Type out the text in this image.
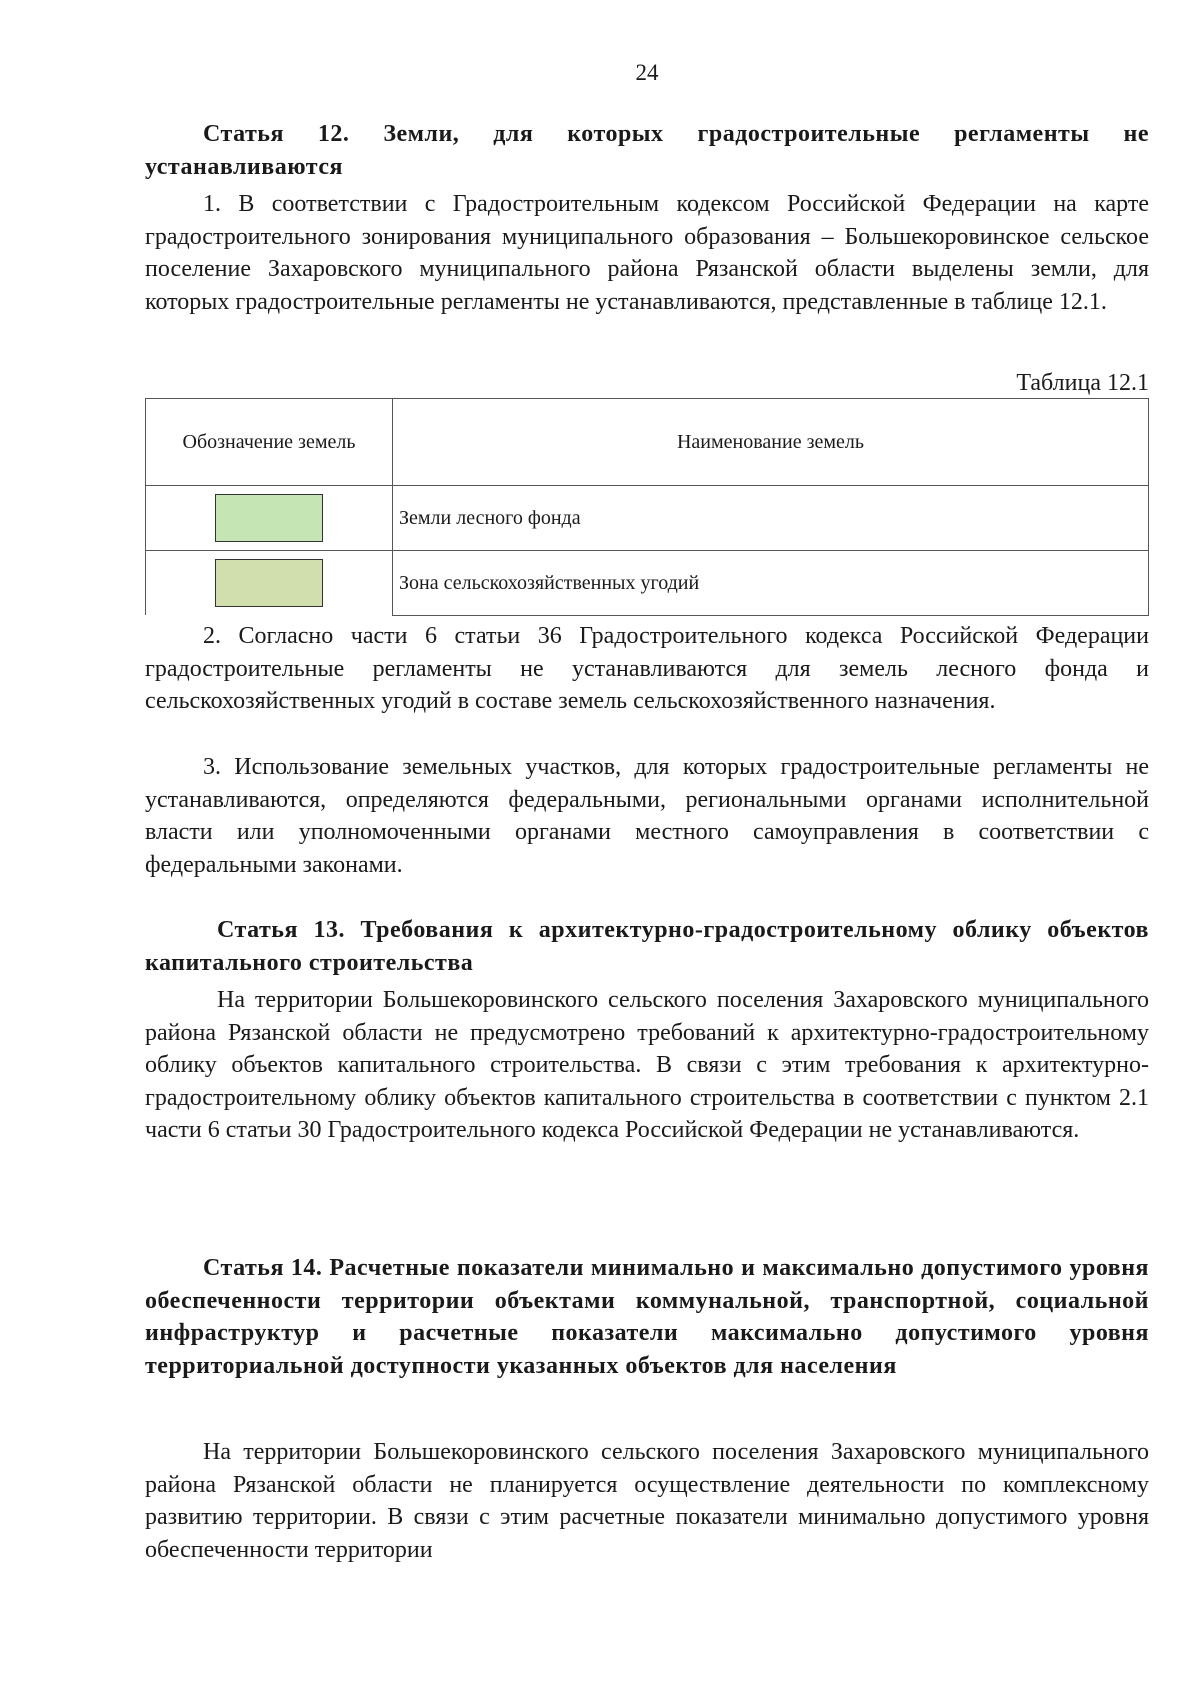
24
Статья 12. Земли, для которых градостроительные регламенты не устанавливаются
1. В соответствии с Градостроительным кодексом Российской Федерации на карте градостроительного зонирования муниципального образования – Большекоровинское сельское поселение Захаровского муниципального района Рязанской области выделены земли, для которых градостроительные регламенты не устанавливаются, представленные в таблице 12.1.
Таблица 12.1
Обозначение земель	Наименование земель
	Земли лесного фонда
	Зона сельскохозяйственных угодий
2. Согласно части 6 статьи 36 Градостроительного кодекса Российской Федерации градостроительные регламенты не устанавливаются для земель лесного фонда и сельскохозяйственных угодий в составе земель сельскохозяйственного назначения.
3. Использование земельных участков, для которых градостроительные регламенты не устанавливаются, определяются федеральными, региональными органами исполнительной власти или уполномоченными органами местного самоуправления в соответствии с федеральными законами.
Статья 13. Требования к архитектурно-градостроительному облику объектов капитального строительства
На территории Большекоровинского сельского поселения Захаровского муниципального района Рязанской области не предусмотрено требований к архитектурно-градостроительному облику объектов капитального строительства. В связи с этим требования к архитектурно-градостроительному облику объектов капитального строительства в соответствии с пунктом 2.1 части 6 статьи 30 Градостроительного кодекса Российской Федерации не устанавливаются.
Статья 14. Расчетные показатели минимально и максимально допустимого уровня обеспеченности территории объектами коммунальной, транспортной, социальной инфраструктур и расчетные показатели максимально допустимого уровня территориальной доступности указанных объектов для населения
На территории Большекоровинского сельского поселения Захаровского муниципального района Рязанской области не планируется осуществление деятельности по комплексному развитию территории. В связи с этим расчетные показатели минимально допустимого уровня обеспеченности территории
